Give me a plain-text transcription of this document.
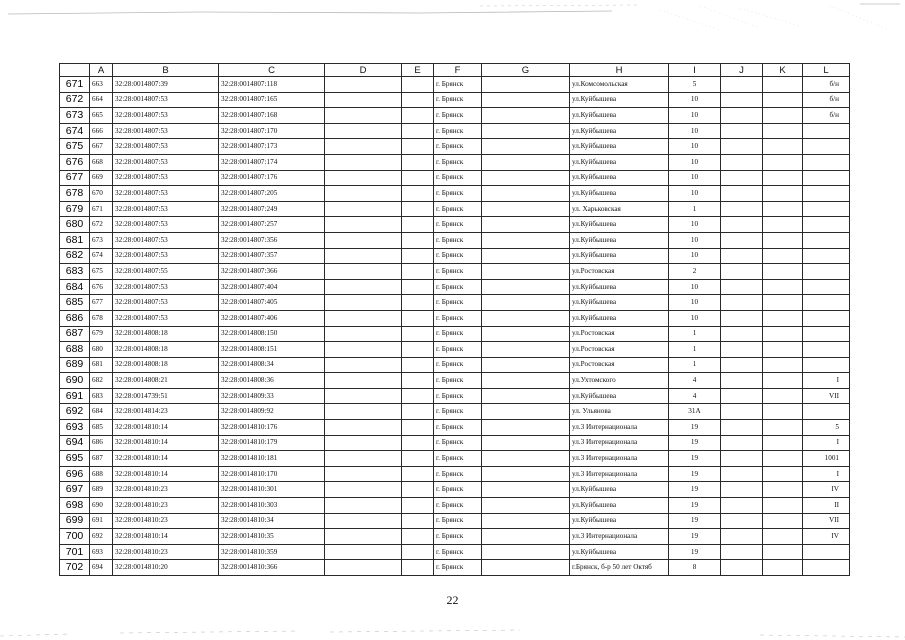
	A	B	C	D	E	F	G	H	I	J	K	L
671	663	32:28:0014807:39	32:28:0014807:118			г. Брянск		ул.Комсомольская	5			б/н
672	664	32:28:0014807:53	32:28:0014807:165			г. Брянск		ул.Куйбышева	10			б/н
673	665	32:28:0014807:53	32:28:0014807:168			г. Брянск		ул.Куйбышева	10			б/н
674	666	32:28:0014807:53	32:28:0014807:170			г. Брянск		ул.Куйбышева	10			
675	667	32:28:0014807:53	32:28:0014807:173			г. Брянск		ул.Куйбышева	10			
676	668	32:28:0014807:53	32:28:0014807:174			г. Брянск		ул.Куйбышева	10			
677	669	32:28:0014807:53	32:28:0014807:176			г. Брянск		ул.Куйбышева	10			
678	670	32:28:0014807:53	32:28:0014807:205			г. Брянск		ул.Куйбышева	10			
679	671	32:28:0014807:53	32:28:0014807:249			г. Брянск		ул. Харьковская	1			
680	672	32:28:0014807:53	32:28:0014807:257			г. Брянск		ул.Куйбышева	10			
681	673	32:28:0014807:53	32:28:0014807:356			г. Брянск		ул.Куйбышева	10			
682	674	32:28:0014807:53	32:28:0014807:357			г. Брянск		ул.Куйбышева	10			
683	675	32:28:0014807:55	32:28:0014807:366			г. Брянск		ул.Ростовская	2			
684	676	32:28:0014807:53	32:28:0014807:404			г. Брянск		ул.Куйбышева	10			
685	677	32:28:0014807:53	32:28:0014807:405			г. Брянск		ул.Куйбышева	10			
686	678	32:28:0014807:53	32:28:0014807:406			г. Брянск		ул.Куйбышева	10			
687	679	32:28:0014808:18	32:28:0014808:150			г. Брянск		ул.Ростовская	1			
688	680	32:28:0014808:18	32:28:0014808:151			г. Брянск		ул.Ростовская	1			
689	681	32:28:0014808:18	32:28:0014808:34			г. Брянск		ул.Ростовская	1			
690	682	32:28:0014808:21	32:28:0014808:36			г. Брянск		ул.Ухтомского	4			I
691	683	32:28:0014739:51	32:28:0014809:33			г. Брянск		ул.Куйбышева	4			VII
692	684	32:28:0014814:23	32:28:0014809:92			г. Брянск		ул. Ульянова	31А			
693	685	32:28:0014810:14	32:28:0014810:176			г. Брянск		ул.3 Интернационала	19			5
694	686	32:28:0014810:14	32:28:0014810:179			г. Брянск		ул.3 Интернационала	19			I
695	687	32:28:0014810:14	32:28:0014810:181			г. Брянск		ул.3 Интернационала	19			1001
696	688	32:28:0014810:14	32:28:0014810:170			г. Брянск		ул.3 Интернационала	19			I
697	689	32:28:0014810:23	32:28:0014810:301			г. Брянск		ул.Куйбышева	19			IV
698	690	32:28:0014810:23	32:28:0014810:303			г. Брянск		ул.Куйбышева	19			II
699	691	32:28:0014810:23	32:28:0014810:34			г. Брянск		ул.Куйбышева	19			VII
700	692	32:28:0014810:14	32:28:0014810:35			г. Брянск		ул.3 Интернационала	19			IV
701	693	32:28:0014810:23	32:28:0014810:359			г. Брянск		ул.Куйбышева	19			
702	694	32:28:0014810:20	32:28:0014810:366			г. Брянск		г.Брянск, б-р 50 лет Октяб	8			
22
